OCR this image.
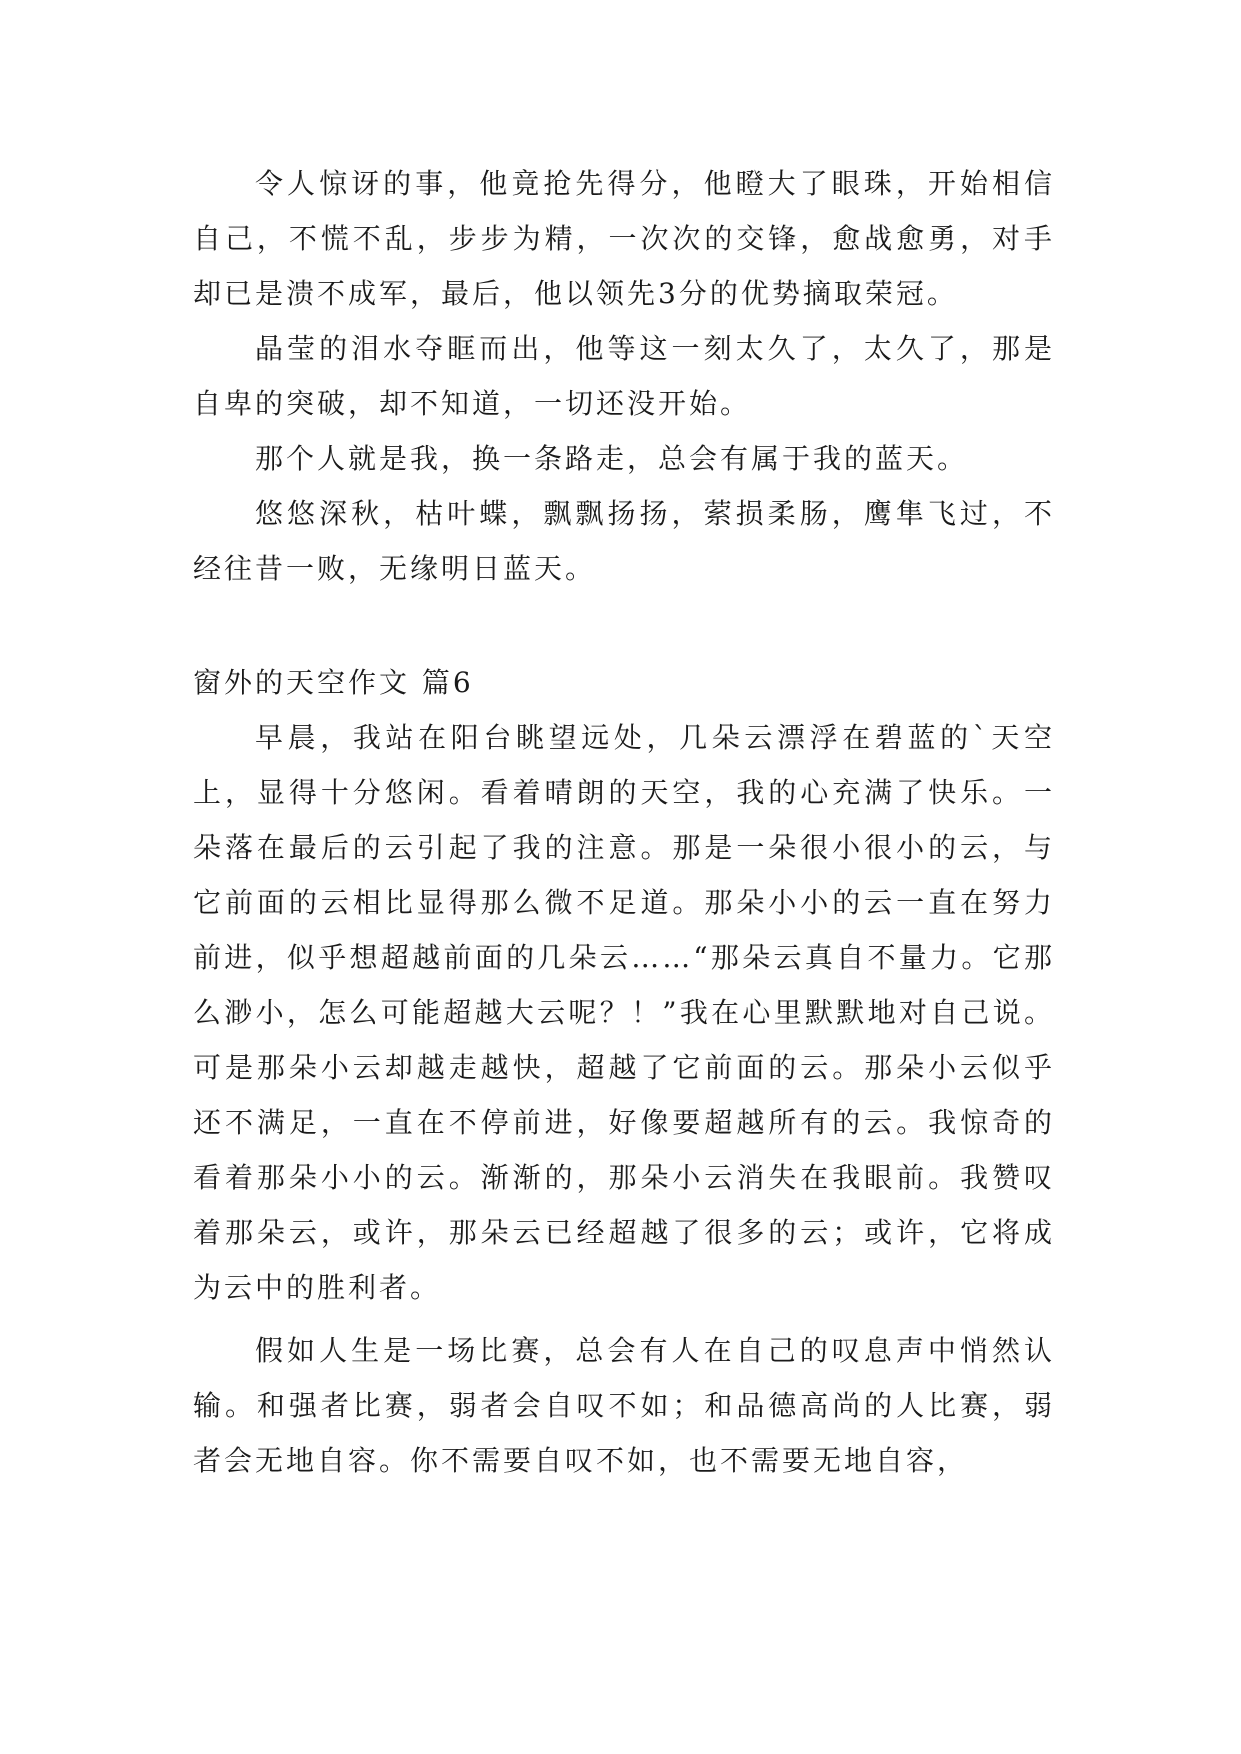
令人惊讶的事，他竟抢先得分，他瞪大了眼珠，开始相信自己，不慌不乱，步步为精，一次次的交锋，愈战愈勇，对手却已是溃不成军，最后，他以领先3分的优势摘取荣冠。

晶莹的泪水夺眶而出，他等这一刻太久了，太久了，那是自卑的突破，却不知道，一切还没开始。

那个人就是我，换一条路走，总会有属于我的蓝天。

悠悠深秋，枯叶蝶，飘飘扬扬，萦损柔肠，鹰隼飞过，不经往昔一败，无缘明日蓝天。

窗外的天空作文 篇6

早晨，我站在阳台眺望远处，几朵云漂浮在碧蓝的`天空上，显得十分悠闲。看着晴朗的天空，我的心充满了快乐。一朵落在最后的云引起了我的注意。那是一朵很小很小的云，与它前面的云相比显得那么微不足道。那朵小小的云一直在努力前进，似乎想超越前面的几朵云……“那朵云真自不量力。它那么渺小，怎么可能超越大云呢？！”我在心里默默地对自己说。可是那朵小云却越走越快，超越了它前面的云。那朵小云似乎还不满足，一直在不停前进，好像要超越所有的云。我惊奇的看着那朵小小的云。渐渐的，那朵小云消失在我眼前。我赞叹着那朵云，或许，那朵云已经超越了很多的云；或许，它将成为云中的胜利者。

假如人生是一场比赛，总会有人在自己的叹息声中悄然认输。和强者比赛，弱者会自叹不如；和品德高尚的人比赛，弱者会无地自容。你不需要自叹不如，也不需要无地自容，
